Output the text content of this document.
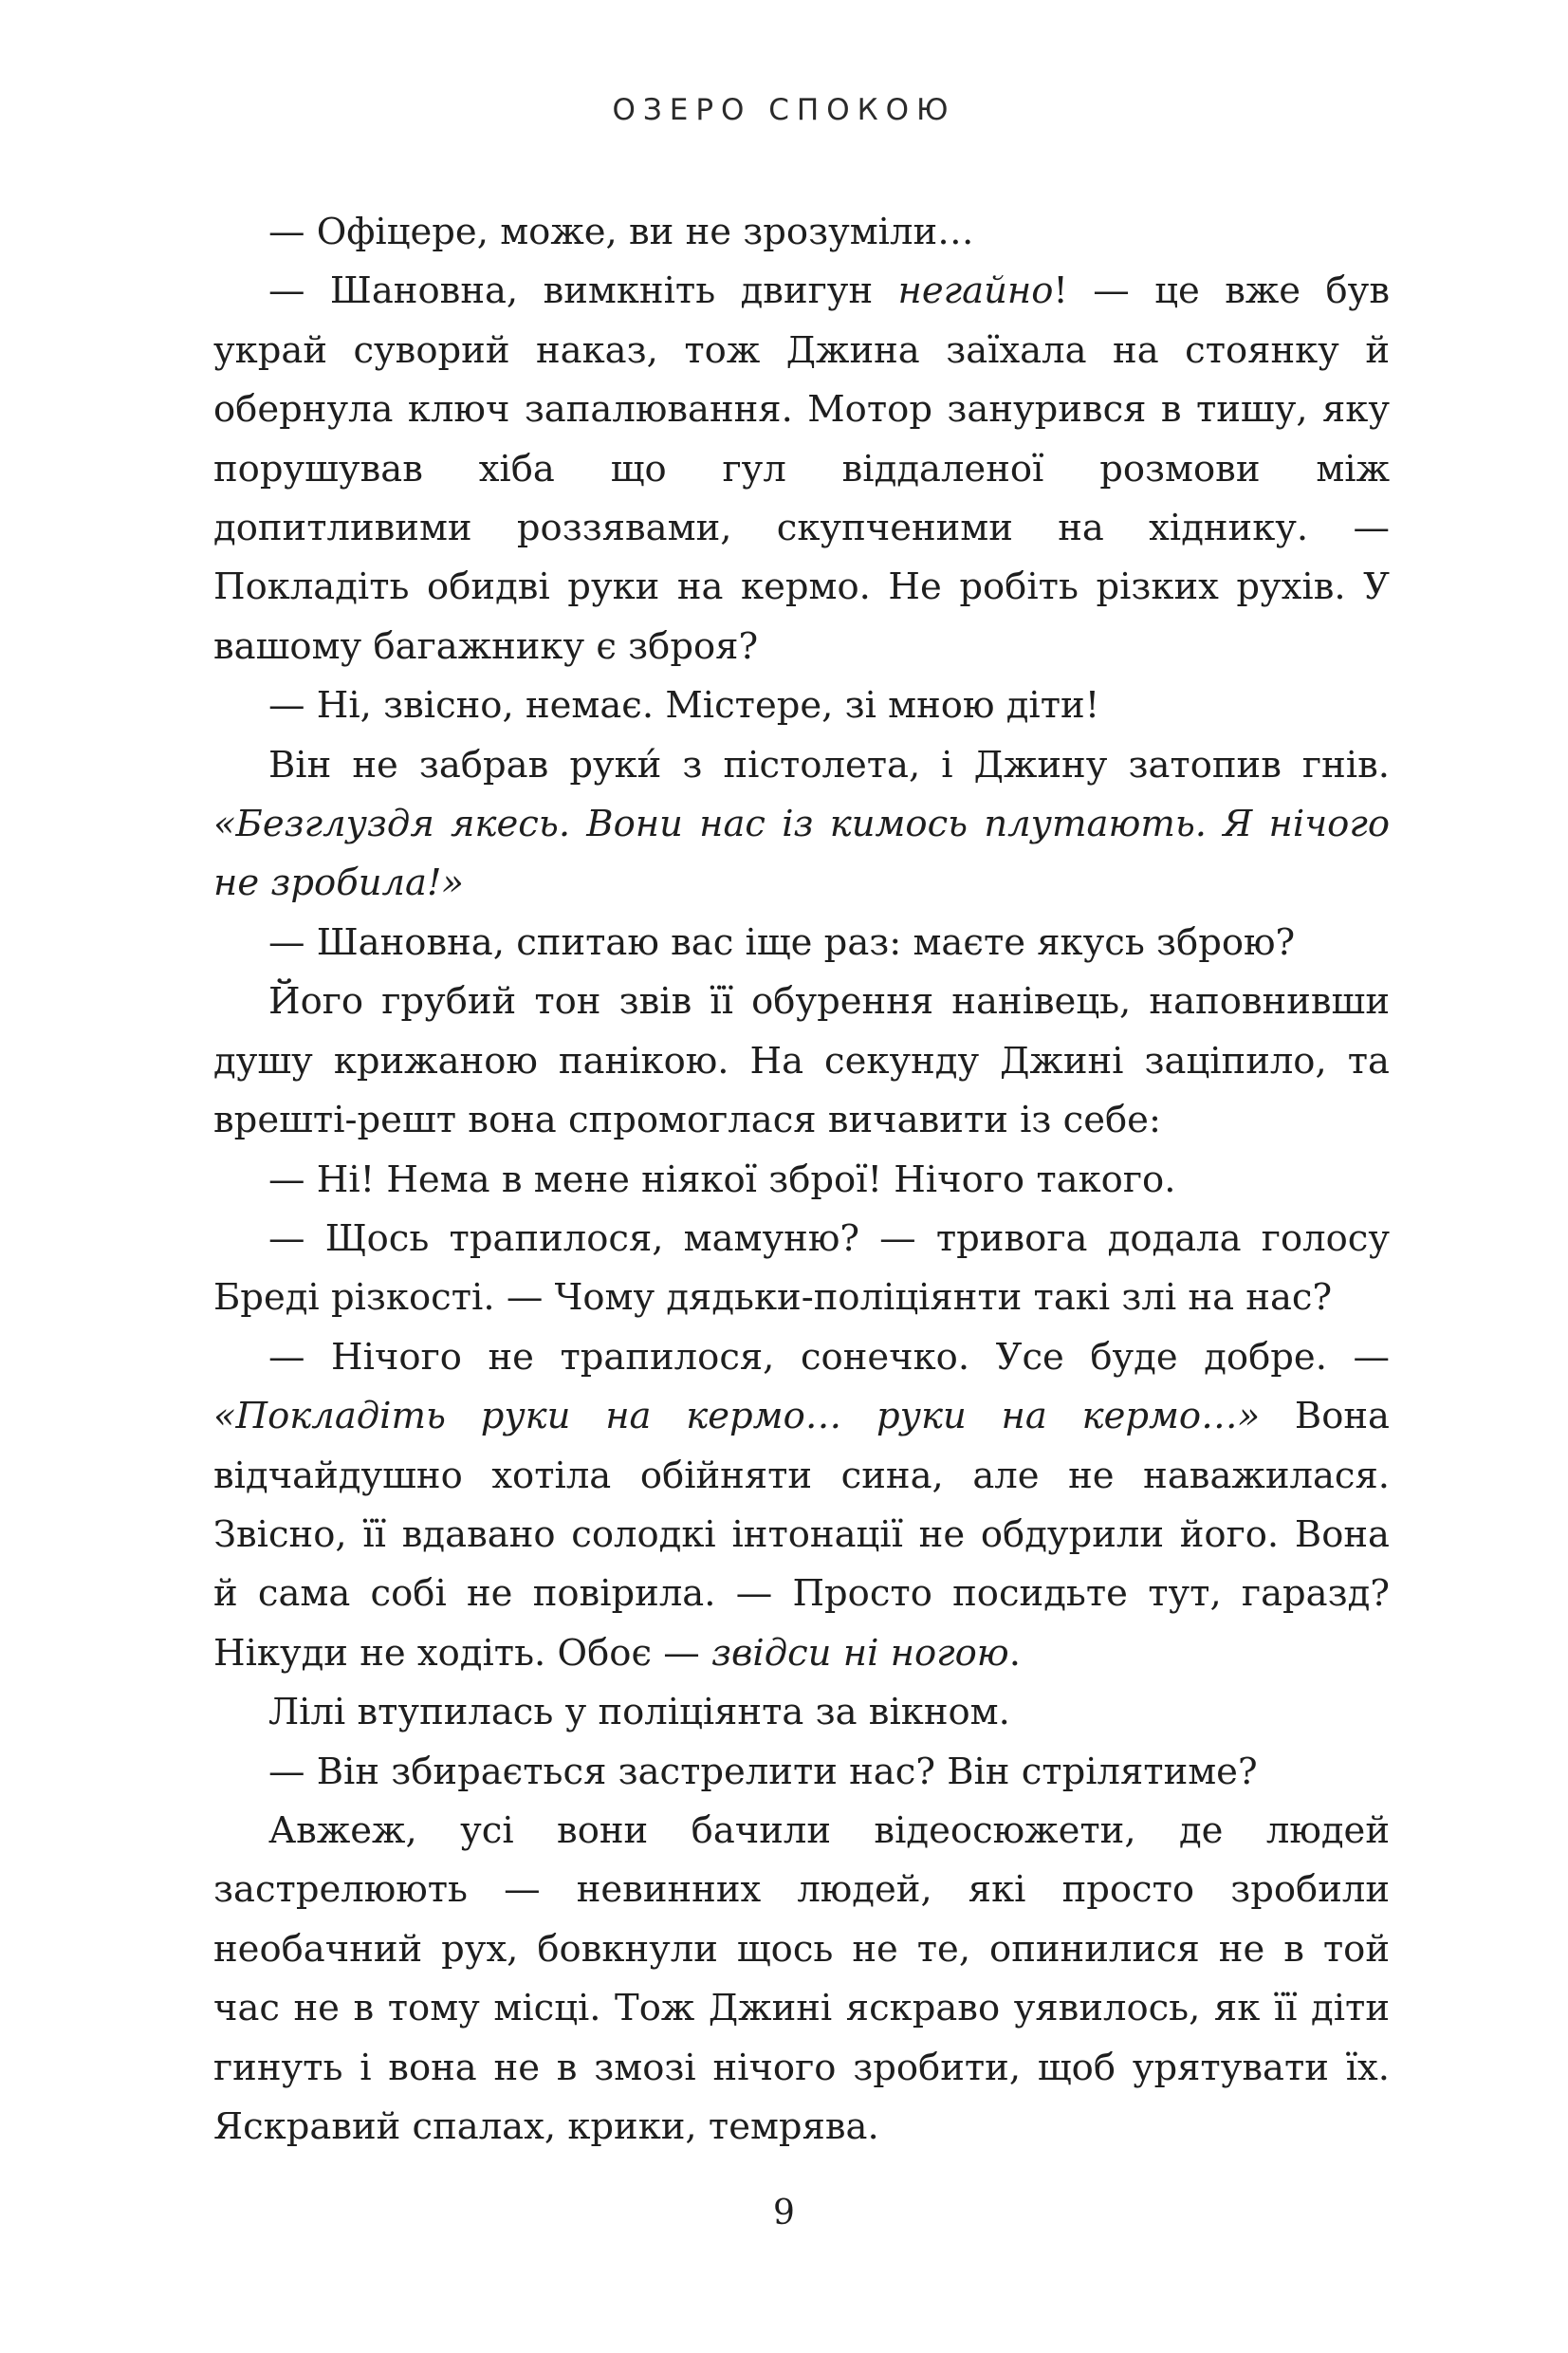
ОЗЕРО СПОКОЮ

— Офіцере, може, ви не зрозуміли…

— Шановна, вимкніть двигун негайно! — це вже був украй суворий наказ, тож Джина заїхала на стоянку й обернула ключ запалювання. Мотор занурився в тишу, яку порушував хіба що гул віддаленої розмови між допитливими роззявами, скупченими на хіднику. — Покладіть обидві руки на кермо. Не робіть різких рухів. У вашому багажнику є зброя?

— Ні, звісно, немає. Містере, зі мною діти!

Він не забрав руки́ з пістолета, і Джину затопив гнів. «Безглуздя якесь. Вони нас із кимось плутають. Я нічого не зробила!»

— Шановна, спитаю вас іще раз: маєте якусь зброю?

Його грубий тон звів її обурення нанівець, наповнивши душу крижаною панікою. На секунду Джині заціпило, та врешті-решт вона спромоглася вичавити із себе:

— Ні! Нема в мене ніякої зброї! Нічого такого.

— Щось трапилося, мамуню? — тривога додала голосу Бреді різкості. — Чому дядьки-поліціянти такі злі на нас?

— Нічого не трапилося, сонечко. Усе буде добре. — «Покладіть руки на кермо… руки на кермо…» Вона відчайдушно хотіла обійняти сина, але не наважилася. Звісно, її вдавано солодкі інтонації не обдурили його. Вона й сама собі не повірила. — Просто посидьте тут, гаразд? Нікуди не ходіть. Обоє — звідси ні ногою.

Лілі втупилась у поліціянта за вікном.

— Він збирається застрелити нас? Він стрілятиме?

Авжеж, усі вони бачили відеосюжети, де людей застрелюють — невинних людей, які просто зробили необачний рух, бовкнули щось не те, опинилися не в той час не в тому місці. Тож Джині яскраво уявилось, як її діти гинуть і вона не в змозі нічого зробити, щоб урятувати їх. Яскравий спалах, крики, темрява.

9
